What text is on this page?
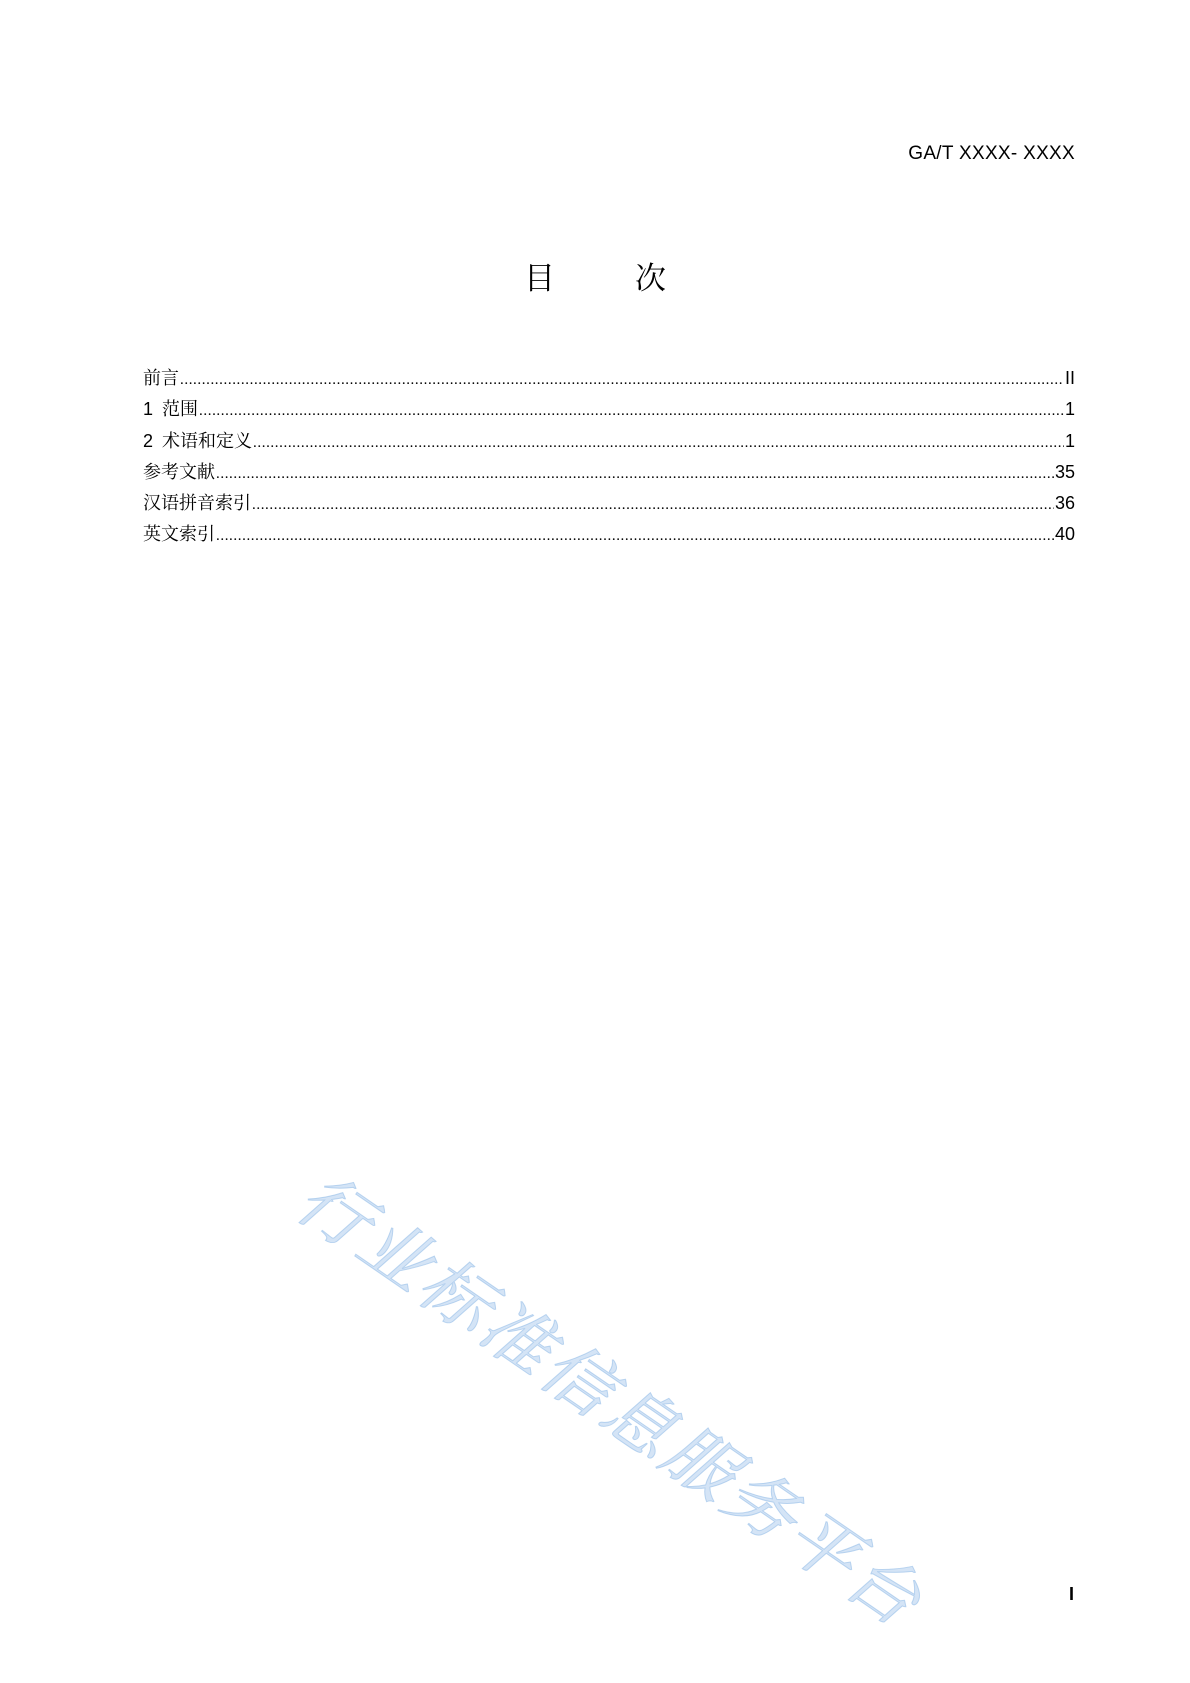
GA/T XXXX- XXXX
目	次
前言 .....	II
1 范围 .....	1
2 术语和定义 .....	1
参考文献 .....	35
汉语拼音索引 .....	36
英文索引 .....	40
行业标准信息服务平台	I
